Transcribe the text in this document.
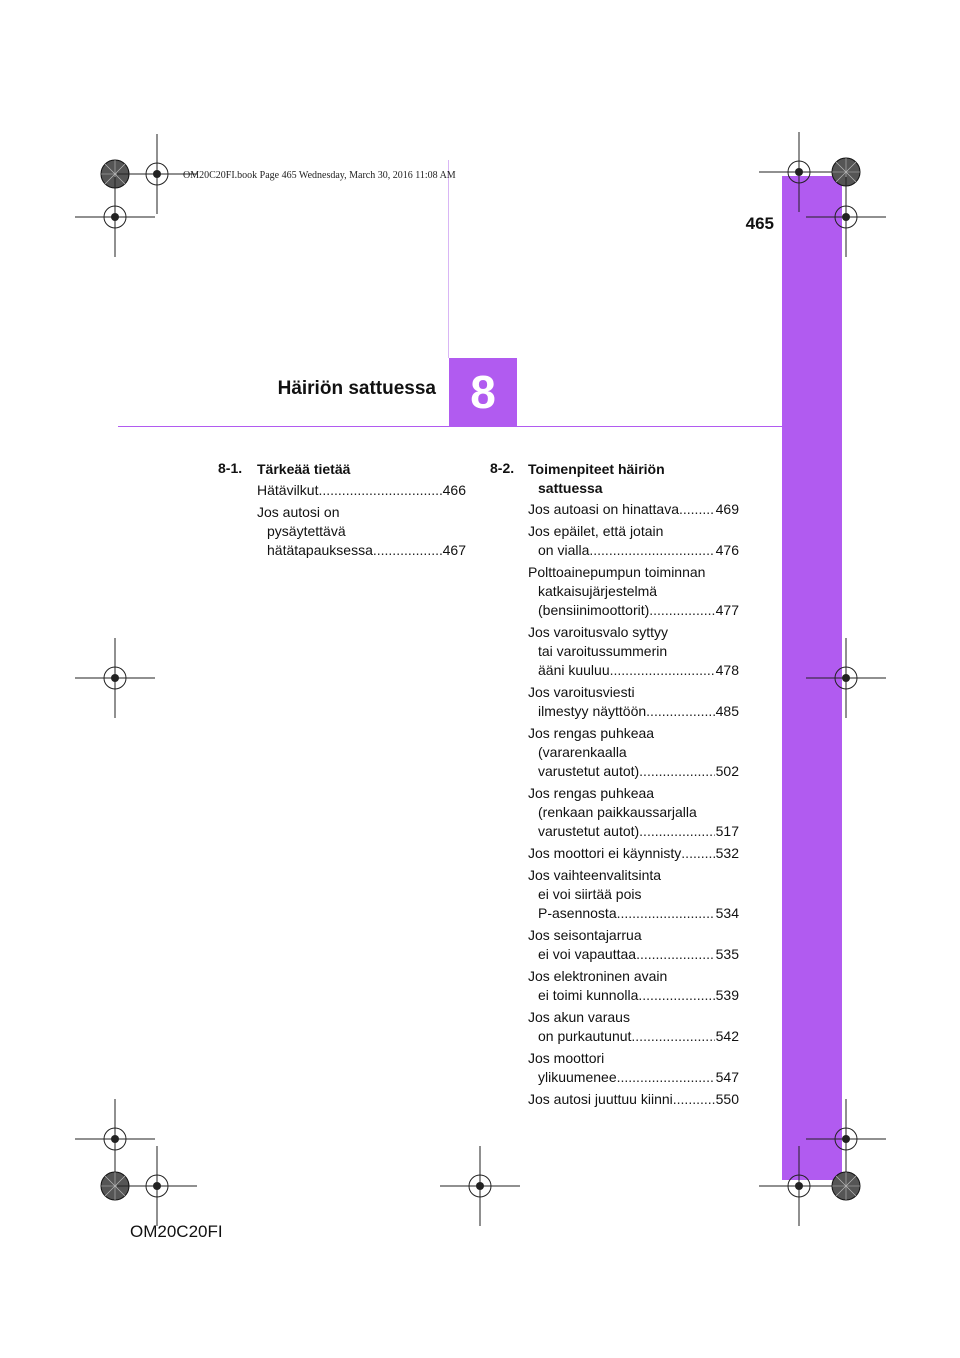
OM20C20FI.book Page 465 Wednesday, March 30, 2016 11:08 AM
465
8
Häiriön sattuessa
8-1. Tärkeää tietää
Hätävilkut .....	466
Jos autosi on
pysäytettävä
hätätapauksessa .....	467
8-2. Toimenpiteet häiriön
sattuessa
Jos autoasi on hinattava .....	469
Jos epäilet, että jotain
on vialla .....	476
Polttoainepumpun toiminnan
katkaisujärjestelmä
(bensiinimoottorit) .....	477
Jos varoitusvalo syttyy
tai varoitussummerin
ääni kuuluu .....	478
Jos varoitusviesti
ilmestyy näyttöön .....	485
Jos rengas puhkeaa
(vararenkaalla
varustetut autot) .....	502
Jos rengas puhkeaa
(renkaan paikkaussarjalla
varustetut autot) .....	517
Jos moottori ei käynnisty ..... 532
Jos vaihteenvalitsinta
ei voi siirtää pois
P-asennosta .....	534
Jos seisontajarrua
ei voi vapauttaa .....	535
Jos elektroninen avain
ei toimi kunnolla .....	539
Jos akun varaus
on purkautunut .....	542
Jos moottori
ylikuumenee .....	547
Jos autosi juuttuu kiinni .....	550
OM20C20FI
